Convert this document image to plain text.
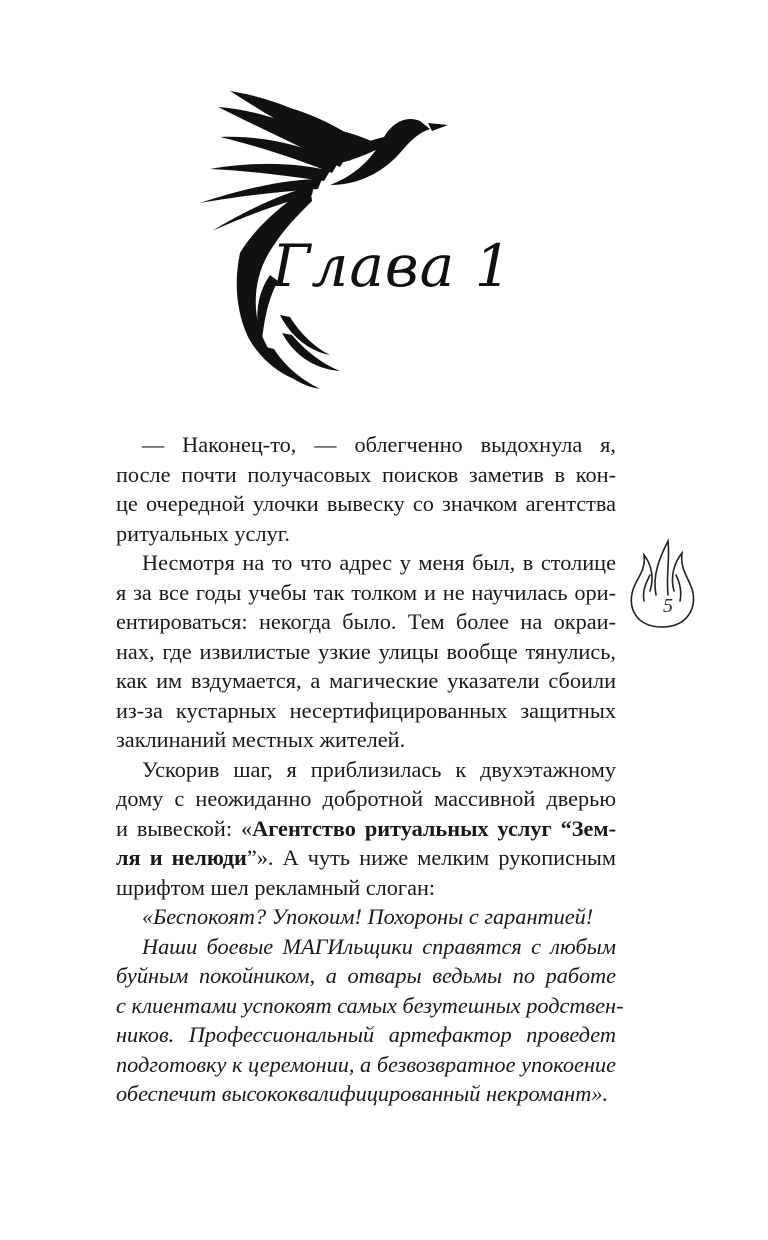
Глава 1
5
— Наконец-то, — облегченно выдохнула я,
после почти получасовых поисков заметив в кон-
це очередной улочки вывеску со значком агентства
ритуальных услуг.
Несмотря на то что адрес у меня был, в столице
я за все годы учебы так толком и не научилась ори-
ентироваться: некогда было. Тем более на окраи-
нах, где извилистые узкие улицы вообще тянулись,
как им вздумается, а магические указатели сбоили
из-за кустарных несертифицированных защитных
заклинаний местных жителей.
Ускорив шаг, я приблизилась к двухэтажному
дому с неожиданно добротной массивной дверью
и вывеской: «Агентство ритуальных услуг “Зем-
ля и нелюди”». А чуть ниже мелким рукописным
шрифтом шел рекламный слоган:
«Беспокоят? Упокоим! Похороны с гарантией!
Наши боевые МАГИльщики справятся с любым
буйным покойником, а отвары ведьмы по работе
с клиентами успокоят самых безутешных родствен-
ников. Профессиональный артефактор проведет
подготовку к церемонии, а безвозвратное упокоение
обеспечит высококвалифицированный некромант».
